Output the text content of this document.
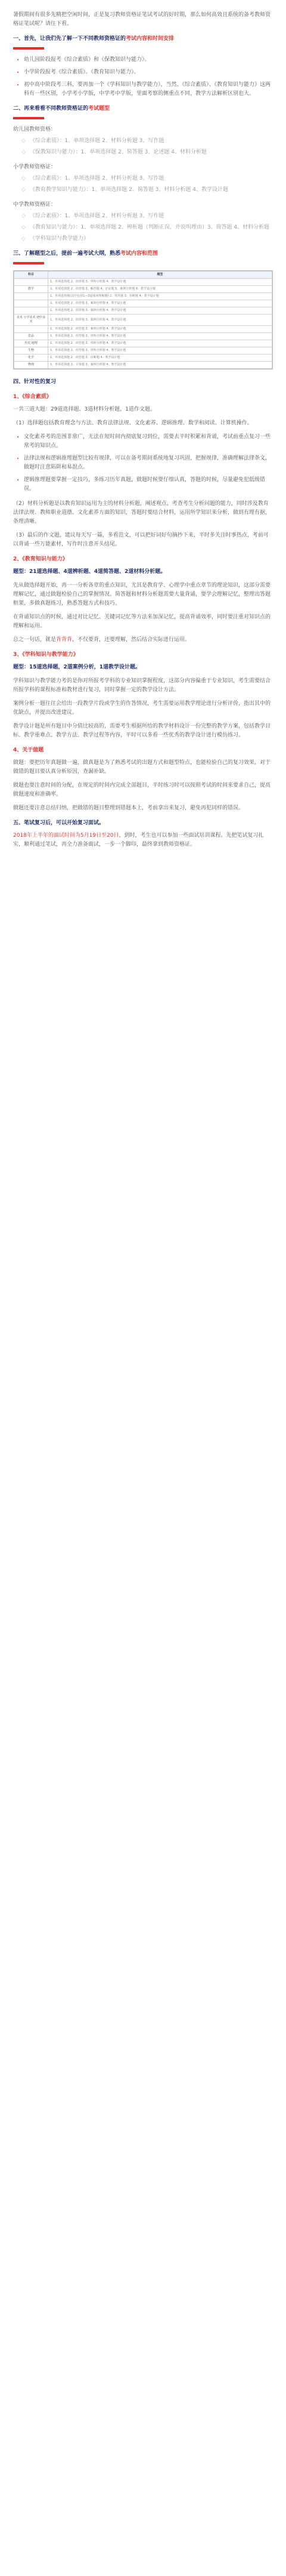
暑假期间有很多先精把空闲时间，正是复习教师资格证笔试考试的好时期，那么如何高效且系统的备考教师资格证笔试呢？请往下看。

一、首先，让我们先了解一下不同教师资格证的考试内容和时间安排
• 幼儿园阶段报考《综合素质》和《保教知识与能力》。
• 小学阶段报考《综合素质》、《教育知识与能力》。
• 初中高中阶段考三科，要再加一个《学科知识与教学能力》，当然，《综合素质》、《教育知识与能力》这两科有一些区别，小学考小学版，中学考中学版，里面考察的侧重点不同，教学方法解析区别也大。
二、再来看看不同教师资格证的考试题型
幼儿园教师资格：
◇ 《综合素质》：1、单项选择题 2、材料分析题 3、写作题
◇ 《保教知识与能力》：1、单项选择题 2、简答题 3、论述题 4、材料分析题
小学教师资格证：
◇ 《综合素质》：1、单项选择题 2、材料分析题 3、写作题
◇ 《教育教学知识与能力》：1、单项选择题 2、简答题 3、材料分析题 4、教学设计题
中学教师资格证：
◇ 《综合素质》：1、单项选择题 2、材料分析题 3、写作题
◇ 《教育知识与能力》：1、单项选择题 2、辨析题（判断正误，并说明理由）3、简答题 4、材料分析题
◇ 《学科知识与教学能力》
三、了解题型之后，提前一遍考试大纲，熟悉考试内容和范围
科目	题型
	1、单项选择题 2、简答题 3、材料分析题 4、教学设计题
数学	1、单项选择题 2、简答题 3、解答题 4、论证题 5、案例分析题 6、教学设计题
	1、单项选择题(其中包括1—2道阅读理解题) 2、简答题 3、诊断题 4、教学设计题
	1、单项选择题 2、简答题 3、案例分析题 4、教学设计题
	1、单项选择题 2、简答题 3、案例分析题 4、教学设计题
美术 小学美术 初中美术	1、单项选择题 2、简答题 3、课例分析题 4、教学设计题
	1、单项选择题 2、简答题 3、案例分析题 4、教学设计题
思品	1、单项选择题 2、简答题 3、材料分析题 4、教学设计题
历史 地理	1、单项选择题 2、简答题 3、材料分析题 4、教学设计题
生物	1、单项选择题 2、简答题 3、材料分析题 4、教学设计题
化学	1、单项选择题 2、简答题 3、诊断题 4、教学设计题
物理	1、单项选择题 2、计算题 3、案例分析题 4、教学设计题
四、针对性的复习
1、《综合素质》

一共三道大题：29道选择题、3道材料分析题，1道作文题。

（1）选择题包括教育理念与方法、教育法律法规、文化素养、逻辑推理、数学和阅读、计算机操作。

• 文化素养考的范围非常广，无法在短时间内彻底复习到位，需要去平时积累和背诵，考试前重点复习一些常考的知识点。
• 法律法规和逻辑推理题型比较有规律，可以在备考期间系统地复习巩固，把握规律，准确理解法律条文，做题时注意陷阱和易混点。
• 逻辑推理题要掌握一定技巧，多练习历年真题，做题时候要仔细认真，答题的时候，尽量避免犯低级错误。

（2）材料分析题是以教育知识运用为主的材料分析题，阐述观点，考查考生分析问题的能力，同时涉及教育法律法规、教师职业道德、文化素养方面的知识，答题时要结合材料，运用所学知识来分析，做到有理有据，条理清晰。

（3）最后的作文题，建议每天写一篇，多看范文，可以把好词好句摘抄下来，平时多关注时事热点，考前可以背诵一些万能素材，写作时注意开头结尾。

2、《教育知识与能力》

题型：21道选择题、4道辨析题、4道简答题、2道材料分析题。

先从做选择题开始，再一一分析各章的重点知识，尤其是教育学、心理学中重点章节的理论知识，这部分需要理解记忆，通过做题检验自己的掌握情况。简答题和材料分析题需要大量背诵，要学会理解记忆，整理出答题框架，多做真题练习，熟悉答题方式和技巧。

在背诵知识点的时候，通过对比记忆、关键词记忆等方法来加深记忆，提高背诵效率，同时要注重对知识点的理解和运用。

总之一句话，就是背背背，不仅要背，还要理解，然后结合实际进行运用。

3、《学科知识与教学能力》

题型：15道选择题，2道案例分析，1道教学设计题。

学科知识与教学能力考的是你对所报考学科的专业知识掌握程度，这部分内容偏重于专业知识，考生需要结合所报学科的课程标准和教材进行复习，同时掌握一定的教学设计方法。

案例分析一题往往会给出一段教学片段或学生的作答情况，考生需要运用教学理论进行分析评价，指出其中的优缺点，并提出改进建议。

教学设计题是所有题目中分值比较高的，需要考生根据所给的教学材料设计一份完整的教学方案，包括教学目标、教学重难点、教学方法、教学过程等内容，平时可以多看一些优秀的教学设计进行模仿练习。

4、关于做题

做题：要把历年真题做一遍，做真题是为了熟悉考试的出题方式和题型特点，也能检验自己的复习效果，对于做错的题目要认真分析原因，查漏补缺。

做题也要注意时间的分配，在规定的时间内完成全部题目，平时练习时可以按照考试的时间来要求自己，提高做题速度和准确率。

做题还要注意总结归纳，把做错的题目整理到错题本上，考前拿出来复习，避免再犯同样的错误。

五、笔试复习后，可以开始复习面试。

2018年上半年的面试时间为5月19日至20日，到时，考生也可以参加一些面试培训课程。先把笔试复习扎实，顺利通过笔试，再全力准备面试，一步一个脚印，最终拿到教师资格证。
